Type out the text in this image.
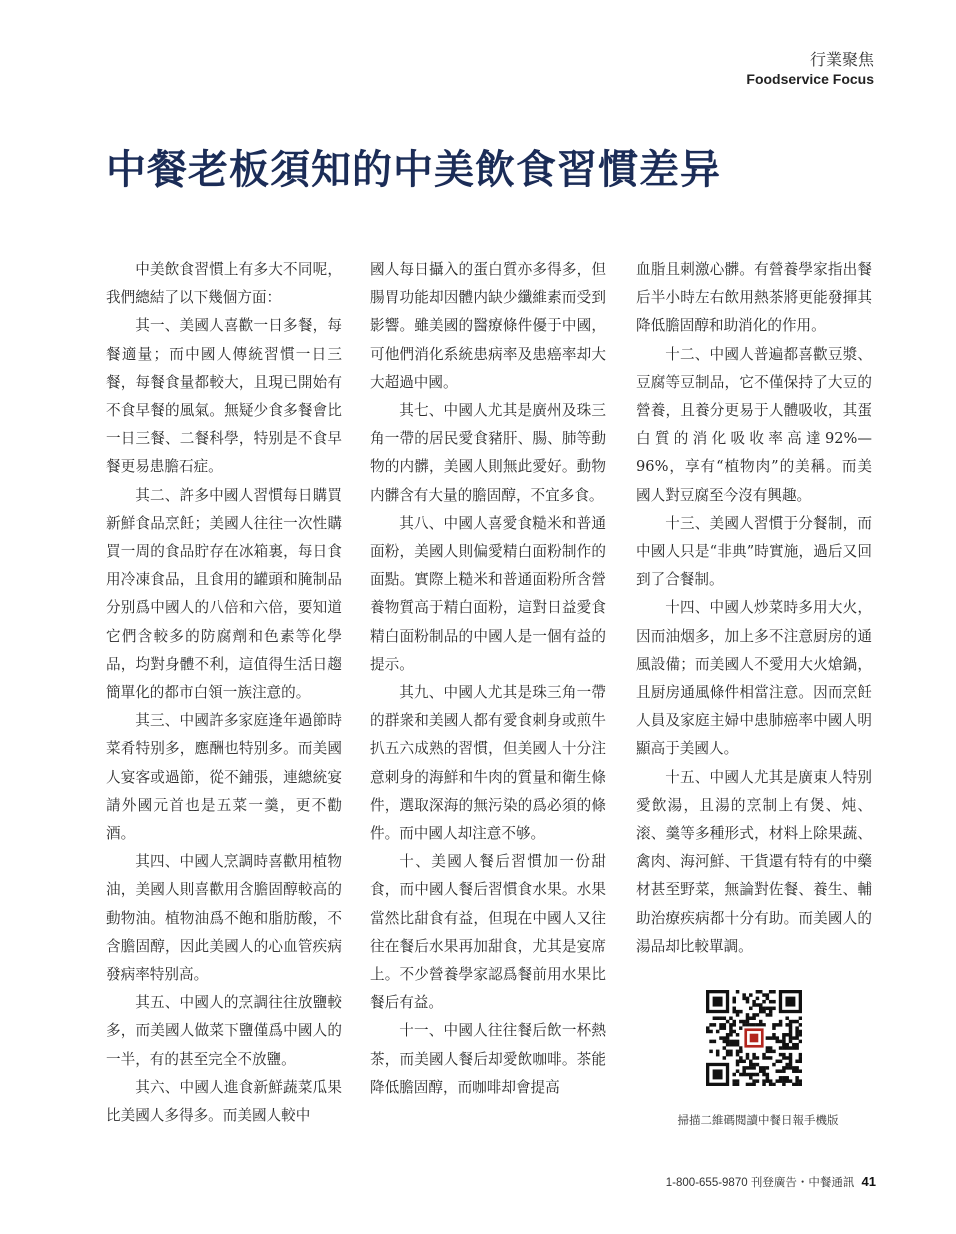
行業聚焦
Foodservice Focus
中餐老板須知的中美飲食習慣差异

中美飲食習慣上有多大不同呢，我們總結了以下幾個方面：

其一、美國人喜歡一日多餐，每餐適量；而中國人傳統習慣一日三餐，每餐食量都較大，且現已開始有不食早餐的風氣。無疑少食多餐會比一日三餐、二餐科學，特别是不食早餐更易患膽石症。

其二、許多中國人習慣每日購買新鮮食品烹飪；美國人往往一次性購買一周的食品貯存在冰箱裏，每日食用冷凍食品，且食用的罐頭和腌制品分别爲中國人的八倍和六倍，要知道它們含較多的防腐劑和色素等化學品，均對身體不利，這值得生活日趨簡單化的都市白領一族注意的。

其三、中國許多家庭逢年過節時菜肴特别多，應酬也特别多。而美國人宴客或過節，從不鋪張，連總統宴請外國元首也是五菜一羹，更不勸酒。

其四、中國人烹調時喜歡用植物油，美國人則喜歡用含膽固醇較高的動物油。植物油爲不飽和脂肪酸，不含膽固醇，因此美國人的心血管疾病發病率特别高。

其五、中國人的烹調往往放鹽較多，而美國人做菜下鹽僅爲中國人的一半，有的甚至完全不放鹽。

其六、中國人進食新鮮蔬菜瓜果比美國人多得多。而美國人較中

國人每日攝入的蛋白質亦多得多，但腸胃功能却因體内缺少纖維素而受到影響。雖美國的醫療條件優于中國，可他們消化系統患病率及患癌率却大大超過中國。

其七、中國人尤其是廣州及珠三角一帶的居民愛食豬肝、腸、肺等動物的内髒，美國人則無此愛好。動物内髒含有大量的膽固醇，不宜多食。

其八、中國人喜愛食糙米和普通面粉，美國人則偏愛精白面粉制作的面點。實際上糙米和普通面粉所含營養物質高于精白面粉，這對日益愛食精白面粉制品的中國人是一個有益的提示。

其九、中國人尤其是珠三角一帶的群衆和美國人都有愛食刺身或煎牛扒五六成熟的習慣，但美國人十分注意刺身的海鮮和牛肉的質量和衛生條件，選取深海的無污染的爲必須的條件。而中國人却注意不够。

十、美國人餐后習慣加一份甜食，而中國人餐后習慣食水果。水果當然比甜食有益，但現在中國人又往往在餐后水果再加甜食，尤其是宴席上。不少營養學家認爲餐前用水果比餐后有益。

十一、中國人往往餐后飲一杯熱茶，而美國人餐后却愛飲咖啡。茶能降低膽固醇，而咖啡却會提高

血脂且刺激心髒。有營養學家指出餐后半小時左右飲用熱茶將更能發揮其降低膽固醇和助消化的作用。

十二、中國人普遍都喜歡豆漿、豆腐等豆制品，它不僅保持了大豆的營養，且養分更易于人體吸收，其蛋白質的消化吸收率高達92%—96%，享有“植物肉”的美稱。而美國人對豆腐至今沒有興趣。

十三、美國人習慣于分餐制，而中國人只是“非典”時實施，過后又回到了合餐制。

十四、中國人炒菜時多用大火，因而油烟多，加上多不注意厨房的通風設備；而美國人不愛用大火熗鍋，且厨房通風條件相當注意。因而烹飪人員及家庭主婦中患肺癌率中國人明顯高于美國人。

十五、中國人尤其是廣東人特别愛飲湯，且湯的烹制上有煲、炖、滚、羹等多種形式，材料上除果蔬、禽肉、海河鮮、干貨還有特有的中藥材甚至野菜，無論對佐餐、養生、輔助治療疾病都十分有助。而美國人的湯品却比較單調。

掃描二維碼閱讀中餐日報手機版
1-800-655-9870 刊登廣告・中餐通訊 41
